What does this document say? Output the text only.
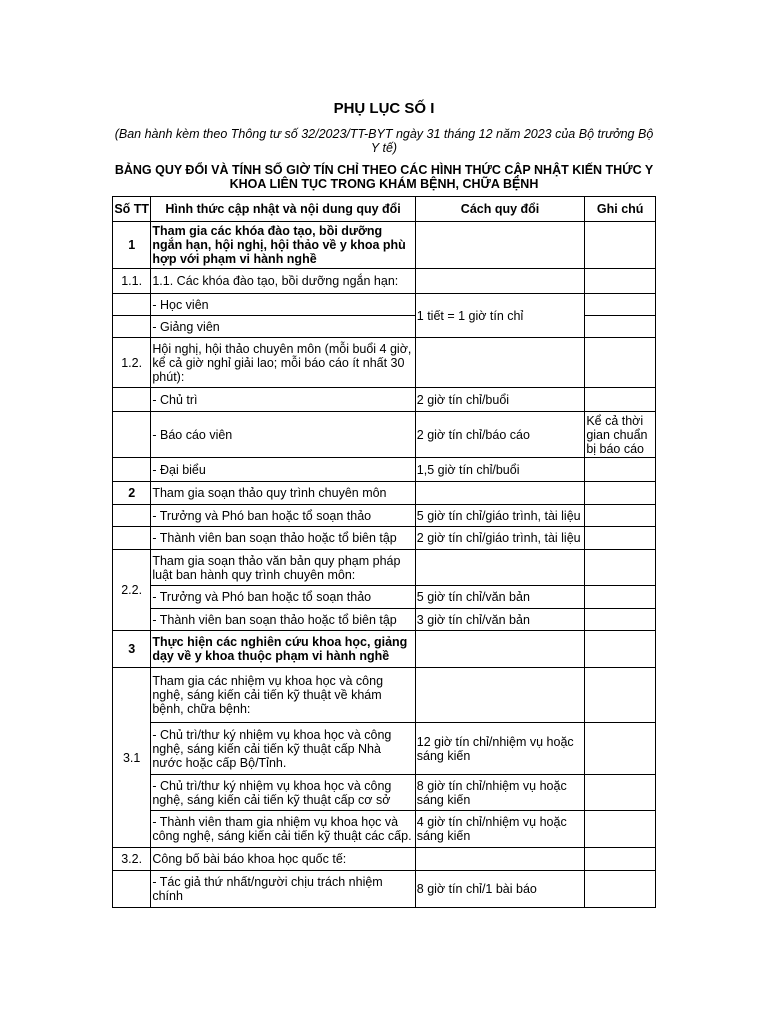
PHỤ LỤC SỐ I
(Ban hành kèm theo Thông tư số 32/2023/TT-BYT ngày 31 tháng 12 năm 2023 của Bộ trưởng Bộ Y tế)
BẢNG QUY ĐỔI VÀ TÍNH SỐ GIỜ TÍN CHỈ THEO CÁC HÌNH THỨC CẬP NHẬT KIẾN THỨC Y KHOA LIÊN TỤC TRONG KHÁM BỆNH, CHỮA BỆNH
Số TT	Hình thức cập nhật và nội dung quy đổi	Cách quy đổi	Ghi chú
1	Tham gia các khóa đào tạo, bồi dưỡng ngắn hạn, hội nghị, hội thảo về y khoa phù hợp với phạm vi hành nghề		
1.1.	1.1. Các khóa đào tạo, bồi dưỡng ngắn hạn:		
	- Học viên	1 tiết = 1 giờ tín chỉ	
	- Giảng viên		
1.2.	Hội nghị, hội thảo chuyên môn (mỗi buổi 4 giờ, kể cả giờ nghỉ giải lao; mỗi báo cáo ít nhất 30 phút):		
	- Chủ trì	2 giờ tín chỉ/buổi	
	- Báo cáo viên	2 giờ tín chỉ/báo cáo	Kể cả thời gian chuẩn bị báo cáo
	- Đại biểu	1,5 giờ tín chỉ/buổi	
2	Tham gia soạn thảo quy trình chuyên môn		
	- Trưởng và Phó ban hoặc tổ soạn thảo	5 giờ tín chỉ/giáo trình, tài liệu	
	- Thành viên ban soạn thảo hoặc tổ biên tập	2 giờ tín chỉ/giáo trình, tài liệu	
2.2.	Tham gia soạn thảo văn bản quy phạm pháp luật ban hành quy trình chuyên môn:		
	- Trưởng và Phó ban hoặc tổ soạn thảo	5 giờ tín chỉ/văn bản	
	- Thành viên ban soạn thảo hoặc tổ biên tập	3 giờ tín chỉ/văn bản	
3	Thực hiện các nghiên cứu khoa học, giảng dạy về y khoa thuộc phạm vi hành nghề		
3.1	Tham gia các nhiệm vụ khoa học và công nghệ, sáng kiến cải tiến kỹ thuật về khám bệnh, chữa bệnh:		
	- Chủ trì/thư ký nhiệm vụ khoa học và công nghệ, sáng kiến cải tiến kỹ thuật cấp Nhà nước hoặc cấp Bộ/Tỉnh.	12 giờ tín chỉ/nhiệm vụ hoặc sáng kiến	
	- Chủ trì/thư ký nhiệm vụ khoa học và công nghệ, sáng kiến cải tiến kỹ thuật cấp cơ sở	8 giờ tín chỉ/nhiệm vụ hoặc sáng kiến	
	- Thành viên tham gia nhiệm vụ khoa học và công nghệ, sáng kiến cải tiến kỹ thuật các cấp.	4 giờ tín chỉ/nhiệm vụ hoặc sáng kiến	
3.2.	Công bố bài báo khoa học quốc tế:		
	- Tác giả thứ nhất/người chịu trách nhiệm chính	8 giờ tín chỉ/1 bài báo	
